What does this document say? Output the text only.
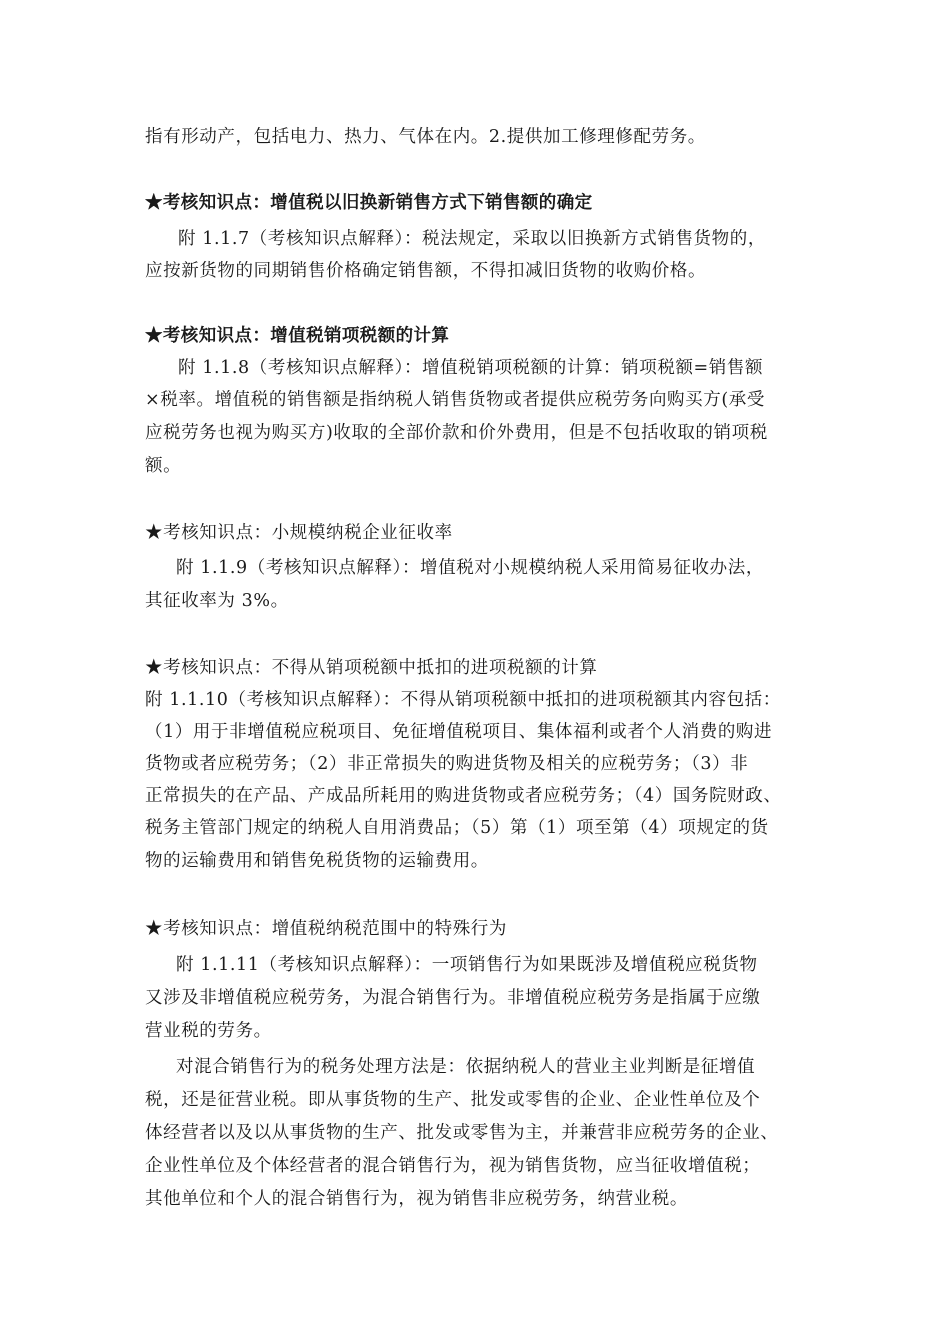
指有形动产，包括电力、热力、气体在内。2.提供加工修理修配劳务。
★考核知识点：增值税以旧换新销售方式下销售额的确定
附 1.1.7（考核知识点解释）：税法规定，采取以旧换新方式销售货物的，
应按新货物的同期销售价格确定销售额，不得扣减旧货物的收购价格。
★考核知识点：增值税销项税额的计算
附 1.1.8（考核知识点解释）：增值税销项税额的计算：销项税额=销售额
×税率。增值税的销售额是指纳税人销售货物或者提供应税劳务向购买方(承受
应税劳务也视为购买方)收取的全部价款和价外费用，但是不包括收取的销项税
额。
★考核知识点：小规模纳税企业征收率
附 1.1.9（考核知识点解释）：增值税对小规模纳税人采用简易征收办法，
其征收率为 3%。
★考核知识点：不得从销项税额中抵扣的进项税额的计算
附 1.1.10（考核知识点解释）：不得从销项税额中抵扣的进项税额其内容包括：
（1）用于非增值税应税项目、免征增值税项目、集体福利或者个人消费的购进
货物或者应税劳务；（2）非正常损失的购进货物及相关的应税劳务；（3）非
正常损失的在产品、产成品所耗用的购进货物或者应税劳务；（4）国务院财政、
税务主管部门规定的纳税人自用消费品；（5）第（1）项至第（4）项规定的货
物的运输费用和销售免税货物的运输费用。
★考核知识点：增值税纳税范围中的特殊行为
附 1.1.11（考核知识点解释）：一项销售行为如果既涉及增值税应税货物
又涉及非增值税应税劳务，为混合销售行为。非增值税应税劳务是指属于应缴
营业税的劳务。
对混合销售行为的税务处理方法是：依据纳税人的营业主业判断是征增值
税，还是征营业税。即从事货物的生产、批发或零售的企业、企业性单位及个
体经营者以及以从事货物的生产、批发或零售为主，并兼营非应税劳务的企业、
企业性单位及个体经营者的混合销售行为，视为销售货物，应当征收增值税；
其他单位和个人的混合销售行为，视为销售非应税劳务，纳营业税。
